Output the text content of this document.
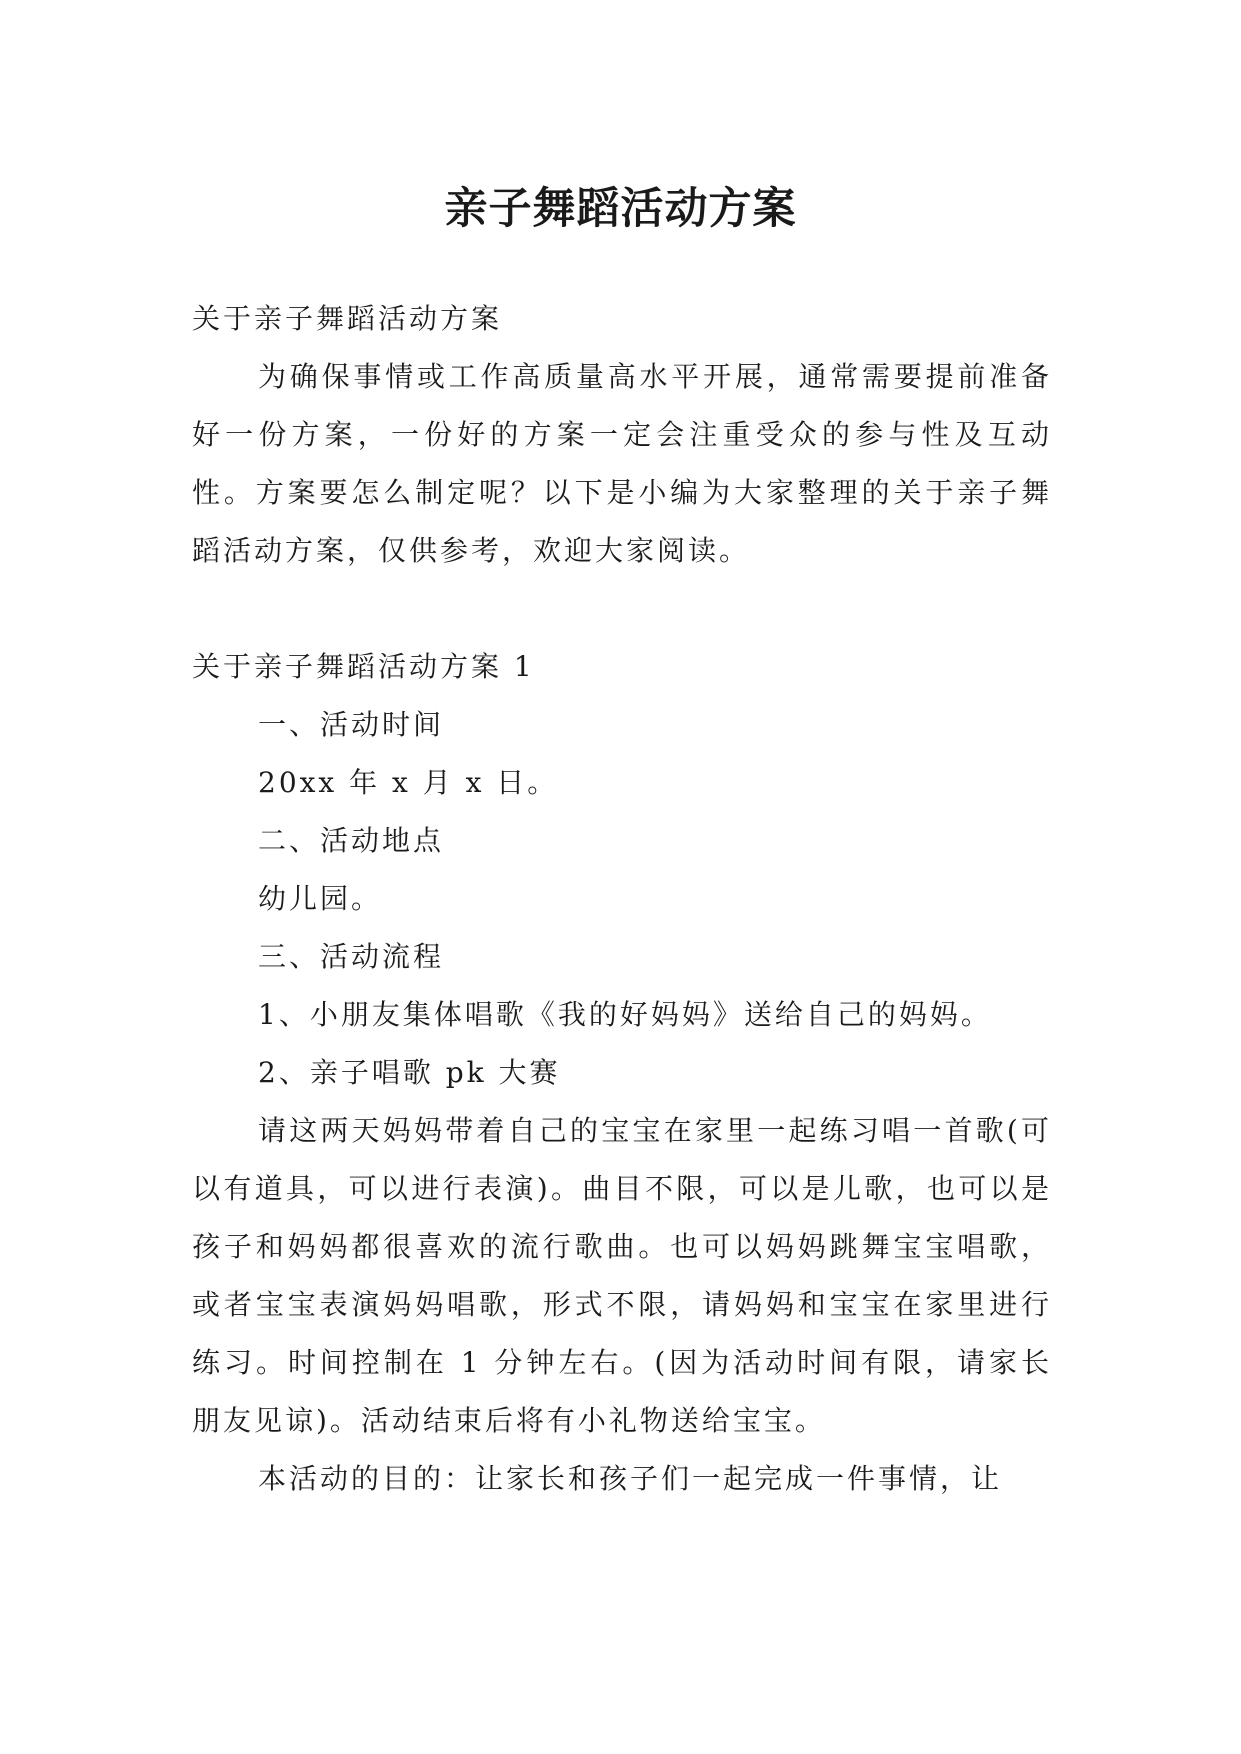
亲子舞蹈活动方案

关于亲子舞蹈活动方案

为确保事情或工作高质量高水平开展，通常需要提前准备好一份方案，一份好的方案一定会注重受众的参与性及互动性。方案要怎么制定呢？以下是小编为大家整理的关于亲子舞蹈活动方案，仅供参考，欢迎大家阅读。

关于亲子舞蹈活动方案 1

一、活动时间

20xx 年 x 月 x 日。

二、活动地点

幼儿园。

三、活动流程

1、小朋友集体唱歌《我的好妈妈》送给自己的妈妈。

2、亲子唱歌 pk 大赛

请这两天妈妈带着自己的宝宝在家里一起练习唱一首歌(可以有道具，可以进行表演)。曲目不限，可以是儿歌，也可以是孩子和妈妈都很喜欢的流行歌曲。也可以妈妈跳舞宝宝唱歌，或者宝宝表演妈妈唱歌，形式不限，请妈妈和宝宝在家里进行练习。时间控制在 1 分钟左右。(因为活动时间有限，请家长朋友见谅)。活动结束后将有小礼物送给宝宝。

本活动的目的：让家长和孩子们一起完成一件事情，让
